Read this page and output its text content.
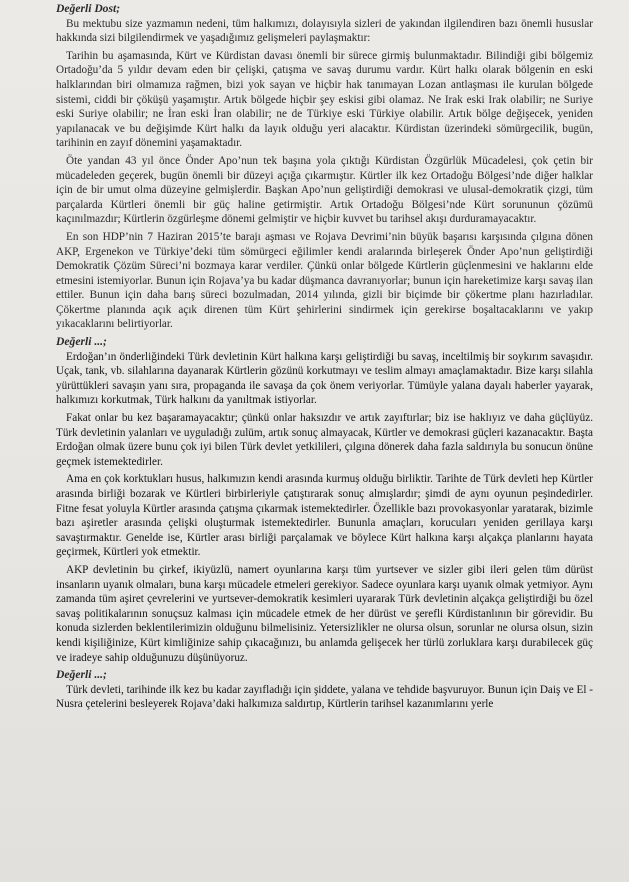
Değerli Dost;
Bu mektubu size yazmamın nedeni, tüm halkımızı, dolayısıyla sizleri de yakından ilgilendiren bazı önemli hususlar hakkında sizi bilgilendirmek ve yaşadığımız gelişmeleri paylaşmaktır:
Tarihin bu aşamasında, Kürt ve Kürdistan davası önemli bir sürece girmiş bulunmaktadır. Bilindiği gibi bölgemiz Ortadoğu’da 5 yıldır devam eden bir çelişki, çatışma ve savaş durumu vardır. Kürt halkı olarak bölgenin en eski halklarından biri olmamıza rağmen, bizi yok sayan ve hiçbir hak tanımayan Lozan antlaşması ile kurulan bölgede sistemi, ciddi bir çöküşü yaşamıştır. Artık bölgede hiçbir şey eskisi gibi olamaz. Ne Irak eski Irak olabilir; ne Suriye eski Suriye olabilir; ne İran eski İran olabilir; ne de Türkiye eski Türkiye olabilir. Artık bölge değişecek, yeniden yapılanacak ve bu değişimde Kürt halkı da layık olduğu yeri alacaktır. Kürdistan üzerindeki sömürgecilik, bugün, tarihinin en zayıf dönemini yaşamaktadır.
Öte yandan 43 yıl önce Önder Apo’nun tek başına yola çıktığı Kürdistan Özgürlük Mücadelesi, çok çetin bir mücadeleden geçerek, bugün önemli bir düzeyi açığa çıkarmıştır. Kürtler ilk kez Ortadoğu Bölgesi’nde diğer halklar için de bir umut olma düzeyine gelmişlerdir. Başkan Apo’nun geliştirdiği demokrasi ve ulusal-demokratik çizgi, tüm parçalarda Kürtleri önemli bir güç haline getirmiştir. Artık Ortadoğu Bölgesi’nde Kürt sorununun çözümü kaçınılmazdır; Kürtlerin özgürleşme dönemi gelmiştir ve hiçbir kuvvet bu tarihsel akışı durduramayacaktır.
En son HDP’nin 7 Haziran 2015’te barajı aşması ve Rojava Devrimi’nin büyük başarısı karşısında çılgına dönen AKP, Ergenekon ve Türkiye’deki tüm sömürgeci eğilimler kendi aralarında birleşerek Önder Apo’nun geliştirdiği Demokratik Çözüm Süreci’ni bozmaya karar verdiler. Çünkü onlar bölgede Kürtlerin güçlenmesini ve haklarını elde etmesini istemiyorlar. Bunun için Rojava’ya bu kadar düşmanca davranıyorlar; bunun için hareketimize karşı savaş ilan ettiler. Bunun için daha barış süreci bozulmadan, 2014 yılında, gizli bir biçimde bir çökertme planı hazırladılar. Çökertme planında açık açık direnen tüm Kürt şehirlerini sindirmek için gerekirse boşaltacaklarını ve yakıp yıkacaklarını belirtiyorlar.
Değerli ...;
Erdoğan’ın önderliğindeki Türk devletinin Kürt halkına karşı geliştirdiği bu savaş, inceltilmiş bir soykırım savaşıdır. Uçak, tank, vb. silahlarına dayanarak Kürtlerin gözünü korkutmayı ve teslim almayı amaçlamaktadır. Bize karşı silahla yürüttükleri savaşın yanı sıra, propaganda ile savaşa da çok önem veriyorlar. Tümüyle yalana dayalı haberler yayarak, halkımızı korkutmak, Türk halkını da yanıltmak istiyorlar.
Fakat onlar bu kez başaramayacaktır; çünkü onlar haksızdır ve artık zayıftırlar; biz ise haklıyız ve daha güçlüyüz. Türk devletinin yalanları ve uyguladığı zulüm, artık sonuç almayacak, Kürtler ve demokrasi güçleri kazanacaktır. Başta Erdoğan olmak üzere bunu çok iyi bilen Türk devlet yetkilileri, çılgına dönerek daha fazla saldırıyla bu sonucun önüne geçmek istemektedirler.
Ama en çok korktukları husus, halkımızın kendi arasında kurmuş olduğu birliktir. Tarihte de Türk devleti hep Kürtler arasında birliği bozarak ve Kürtleri birbirleriyle çatıştırarak sonuç almışlardır; şimdi de aynı oyunun peşindedirler. Fitne fesat yoluyla Kürtler arasında çatışma çıkarmak istemektedirler. Özellikle bazı provokasyonlar yaratarak, bizimle bazı aşiretler arasında çelişki oluşturmak istemektedirler. Bununla amaçları, korucuları yeniden gerillaya karşı savaştırmaktır. Genelde ise, Kürtler arası birliği parçalamak ve böylece Kürt halkına karşı alçakça planlarını hayata geçirmek, Kürtleri yok etmektir.
AKP devletinin bu çirkef, ikiyüzlü, namert oyunlarına karşı tüm yurtsever ve sizler gibi ileri gelen tüm dürüst insanların uyanık olmaları, buna karşı mücadele etmeleri gerekiyor. Sadece oyunlara karşı uyanık olmak yetmiyor. Aynı zamanda tüm aşiret çevrelerini ve yurtsever-demokratik kesimleri uyararak Türk devletinin alçakça geliştirdiği bu özel savaş politikalarının sonuçsuz kalması için mücadele etmek de her dürüst ve şerefli Kürdistanlının bir görevidir. Bu konuda sizlerden beklentilerimizin olduğunu bilmelisiniz. Yetersizlikler ne olursa olsun, sorunlar ne olursa olsun, sizin kendi kişiliğinize, Kürt kimliğinize sahip çıkacağınızı, bu anlamda gelişecek her türlü zorluklara karşı durabilecek güç ve iradeye sahip olduğunuzu düşünüyoruz.
Değerli ...;
Türk devleti, tarihinde ilk kez bu kadar zayıfladığı için şiddete, yalana ve tehdide başvuruyor. Bunun için Daiş ve El - Nusra çetelerini besleyerek Rojava’daki halkımıza saldırtıp, Kürtlerin tarihsel kazanımlarını yerle
